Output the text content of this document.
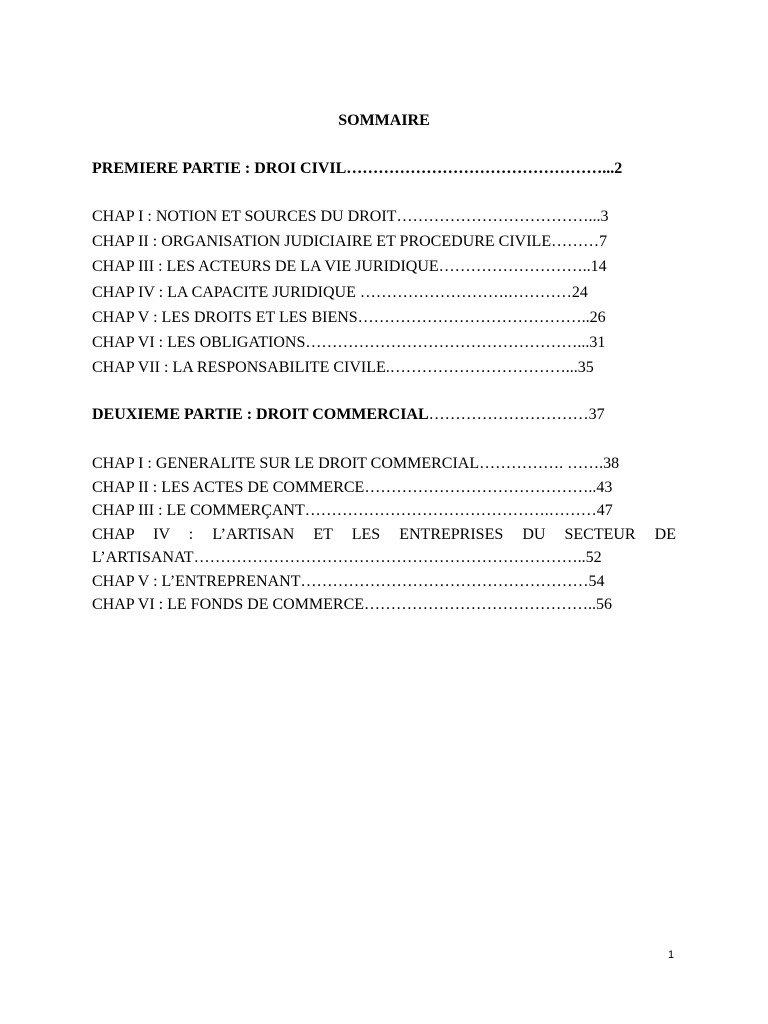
SOMMAIRE

PREMIERE PARTIE : DROI CIVIL…………………………………………...2

CHAP I : NOTION ET SOURCES DU DROIT………………………………...3

CHAP II : ORGANISATION JUDICIAIRE ET PROCEDURE CIVILE………7

CHAP III : LES ACTEURS DE LA VIE JURIDIQUE………………………..14

CHAP IV : LA CAPACITE JURIDIQUE ……………………….…………24

CHAP V : LES DROITS ET LES BIENS……………………………………..26

CHAP VI : LES OBLIGATIONS……………………………………………...31

CHAP VII : LA RESPONSABILITE CIVILE.……………………………...35

DEUXIEME PARTIE : DROIT COMMERCIAL…………………………37

CHAP I : GENERALITE SUR LE DROIT COMMERCIAL……………. …….38

CHAP II : LES ACTES DE COMMERCE……………………………………..43

CHAP III : LE COMMERÇANT……………………………………….………47

CHAP IV : L’ARTISAN ET LES ENTREPRISES DU SECTEUR DE L’ARTISANAT………………………………………………………………..52

CHAP V : L’ENTREPRENANT………………………………………………54

CHAP VI : LE FONDS DE COMMERCE……………………………………..56

1
